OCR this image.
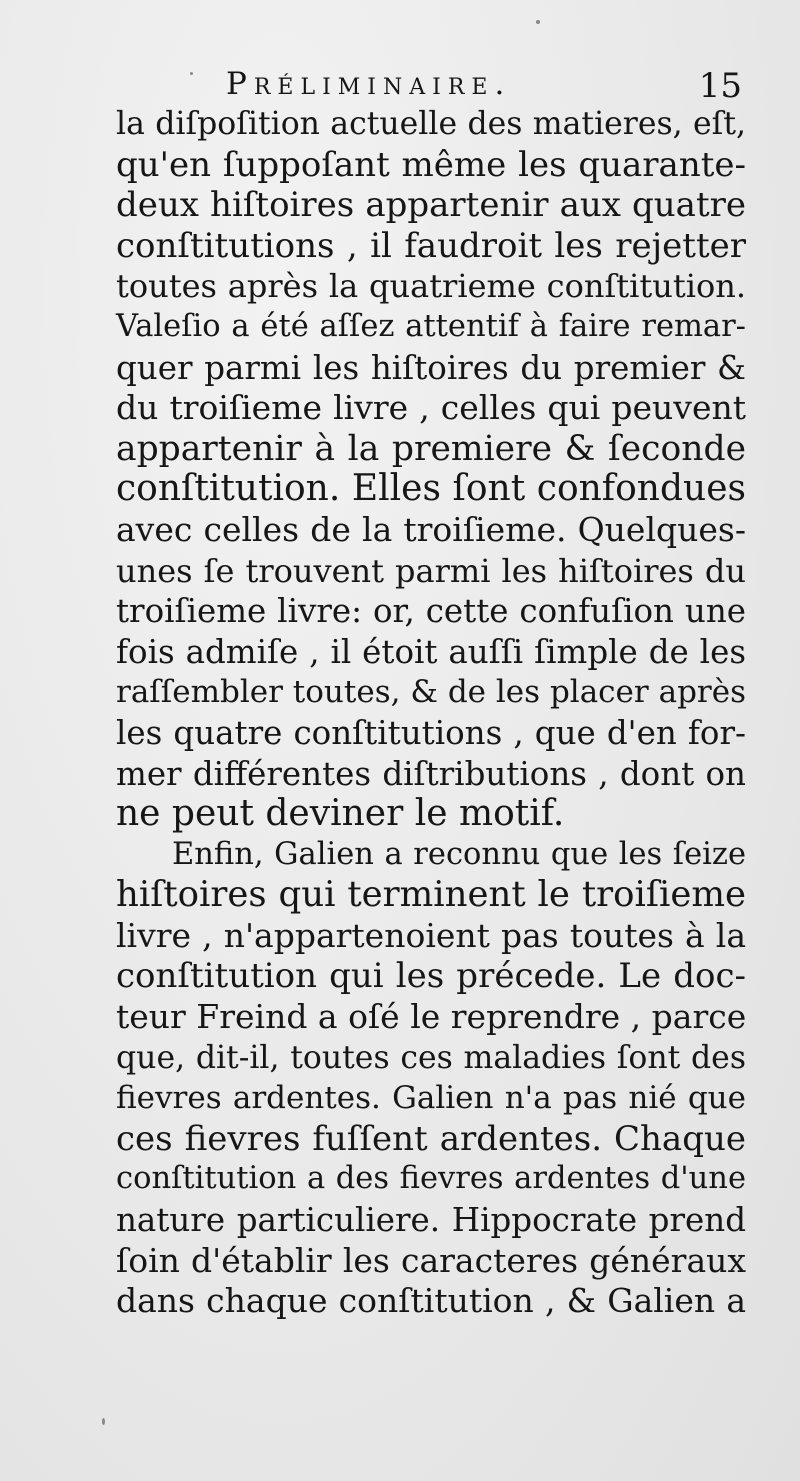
Préliminaire.	15
la diſpoſition actuelle des matieres, eſt,
qu'en ſuppoſant même les quarante-
deux hiſtoires appartenir aux quatre
conſtitutions , il faudroit les rejetter
toutes après la quatrieme conſtitution.
Valeſio a été aſſez attentif à faire remar-
quer parmi les hiſtoires du premier &
du troiſieme livre , celles qui peuvent
appartenir à la premiere & ſeconde
conſtitution. Elles ſont confondues
avec celles de la troiſieme. Quelques-
unes ſe trouvent parmi les hiſtoires du
troiſieme livre: or, cette confuſion une
fois admiſe , il étoit auſſi ſimple de les
raſſembler toutes, & de les placer après
les quatre conſtitutions , que d'en for-
mer différentes diſtributions , dont on
ne peut deviner le motif.
Enfin, Galien a reconnu que les ſeize
hiſtoires qui terminent le troiſieme
livre , n'appartenoient pas toutes à la
conſtitution qui les précede. Le doc-
teur Freind a oſé le reprendre , parce
que, dit-il, toutes ces maladies ſont des
fievres ardentes. Galien n'a pas nié que
ces fievres fuſſent ardentes. Chaque
conſtitution a des fievres ardentes d'une
nature particuliere. Hippocrate prend
ſoin d'établir les caracteres généraux
dans chaque conſtitution , & Galien a
